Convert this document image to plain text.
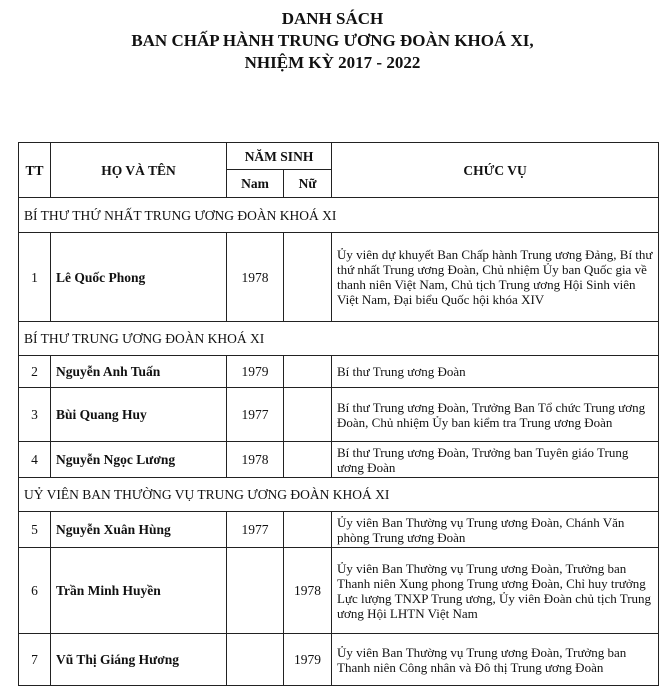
DANH SÁCH
BAN CHẤP HÀNH TRUNG ƯƠNG ĐOÀN KHOÁ XI,
NHIỆM KỲ 2017 - 2022
TT	HỌ VÀ TÊN	NĂM SINH		CHỨC VỤ
		Nam	Nữ	
BÍ THƯ THỨ NHẤT TRUNG ƯƠNG ĐOÀN KHOÁ XI				
1	Lê Quốc Phong	1978		Ủy viên dự khuyết Ban Chấp hành Trung ương Đảng, Bí thư thứ nhất Trung ương Đoàn, Chủ nhiệm Ủy ban Quốc gia về thanh niên Việt Nam, Chủ tịch Trung ương Hội Sinh viên Việt Nam, Đại biểu Quốc hội khóa XIV
BÍ THƯ TRUNG ƯƠNG ĐOÀN KHOÁ XI				
2	Nguyễn Anh Tuấn	1979		Bí thư Trung ương Đoàn
3	Bùi Quang Huy	1977		Bí thư Trung ương Đoàn, Trưởng Ban Tổ chức Trung ương Đoàn, Chủ nhiệm Ủy ban kiểm tra Trung ương Đoàn
4	Nguyễn Ngọc Lương	1978		Bí thư Trung ương Đoàn, Trưởng ban Tuyên giáo Trung ương Đoàn
UỶ VIÊN BAN THƯỜNG VỤ TRUNG ƯƠNG ĐOÀN KHOÁ XI				
5	Nguyễn Xuân Hùng	1977		Ủy viên Ban Thường vụ Trung ương Đoàn, Chánh Văn phòng Trung ương Đoàn
6	Trần Minh Huyền		1978	Ủy viên Ban Thường vụ Trung ương Đoàn, Trưởng ban Thanh niên Xung phong Trung ương Đoàn, Chỉ huy trưởng Lực lượng TNXP Trung ương, Ủy viên Đoàn chủ tịch Trung ương Hội LHTN Việt Nam
7	Vũ Thị Giáng Hương		1979	Ủy viên Ban Thường vụ Trung ương Đoàn, Trưởng ban Thanh niên Công nhân và Đô thị Trung ương Đoàn
